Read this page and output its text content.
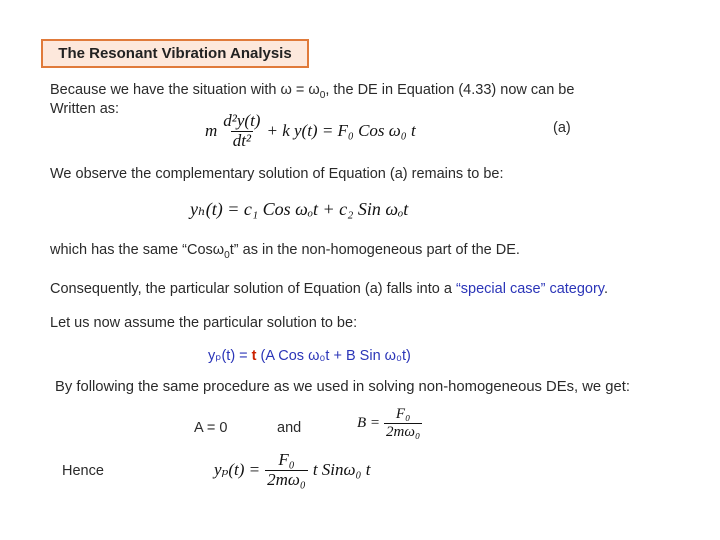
The Resonant Vibration Analysis
Because we have the situation with $\omega = \omega_0$, the DE in Equation (4.33) now can be
Written as:
m $\frac{\text{d²y(t)}}{\text{dt²}} + k$ y(t) = F₀ Cos ω₀ t	(a)
We observe the complementary solution of Equation (a) remains to be:
yₕ(t) = c₁ Cos ωₒt + c₂ Sin ωₒt
which has the same “Cosω$_0$t” as in the non-homogeneous part of the DE.
Consequently, the particular solution of Equation (a) falls into a “special case” category.
Let us now assume the particular solution to be:
yₚ(t) = t (A Cos ω₀t + B Sin ω₀t)
By following the same procedure as we used in solving non-homogeneous DEs, we get:
A = 0	and	$B = \frac{\text{F₀}}{\text{2mω₀}}$
Hence	$y_p(t) = \frac{\text{F₀}}{\text{2mω₀}}$ t Sinω₀ t
